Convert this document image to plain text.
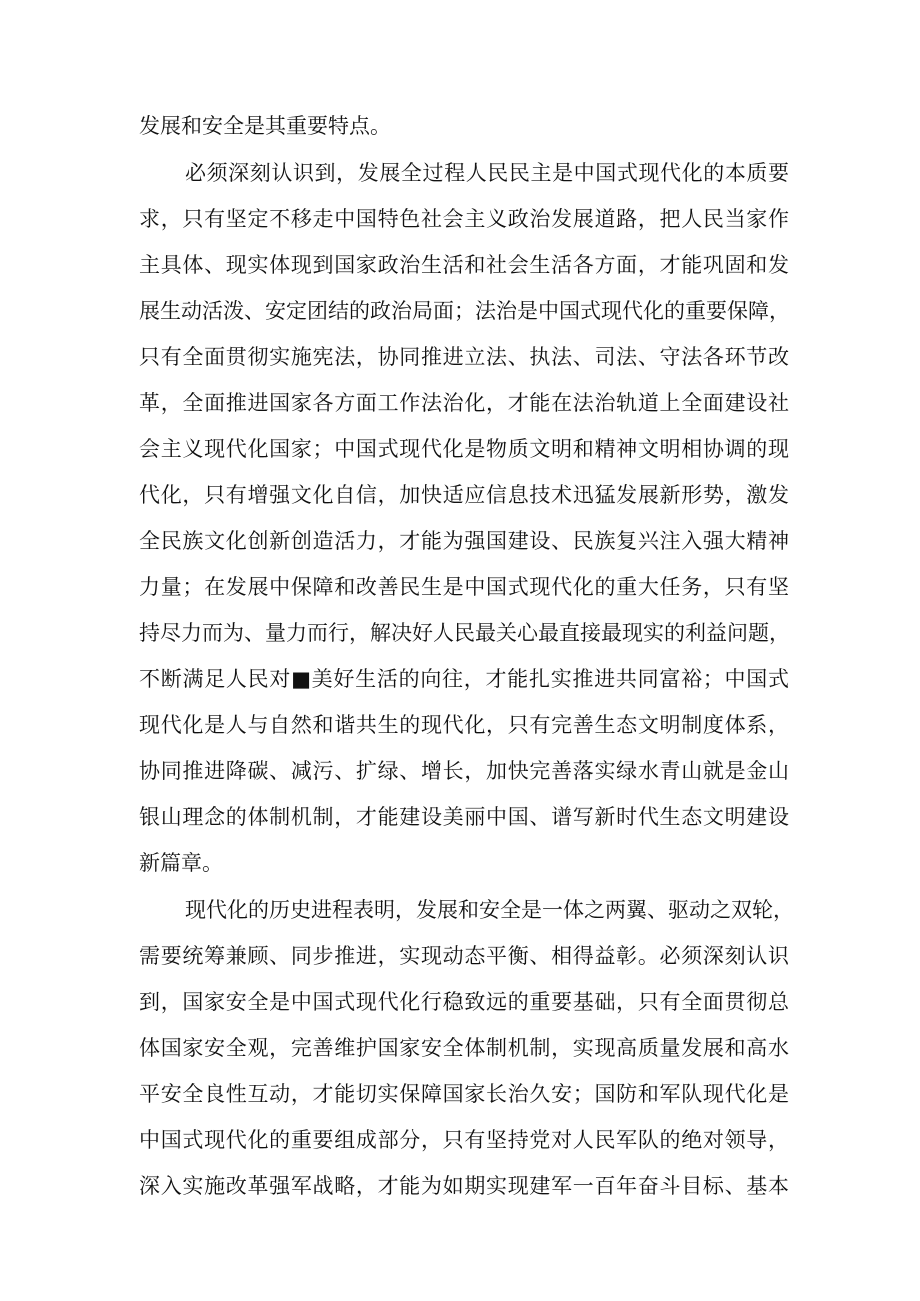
发展和安全是其重要特点。
必须深刻认识到，发展全过程人民民主是中国式现代化的本质要
求，只有坚定不移走中国特色社会主义政治发展道路，把人民当家作
主具体、现实体现到国家政治生活和社会生活各方面，才能巩固和发
展生动活泼、安定团结的政治局面；法治是中国式现代化的重要保障，
只有全面贯彻实施宪法，协同推进立法、执法、司法、守法各环节改
革，全面推进国家各方面工作法治化，才能在法治轨道上全面建设社
会主义现代化国家；中国式现代化是物质文明和精神文明相协调的现
代化，只有增强文化自信，加快适应信息技术迅猛发展新形势，激发
全民族文化创新创造活力，才能为强国建设、民族复兴注入强大精神
力量；在发展中保障和改善民生是中国式现代化的重大任务，只有坚
持尽力而为、量力而行，解决好人民最关心最直接最现实的利益问题，
不断满足人民对■美好生活的向往，才能扎实推进共同富裕；中国式
现代化是人与自然和谐共生的现代化，只有完善生态文明制度体系，
协同推进降碳、减污、扩绿、增长，加快完善落实绿水青山就是金山
银山理念的体制机制，才能建设美丽中国、谱写新时代生态文明建设
新篇章。
现代化的历史进程表明，发展和安全是一体之两翼、驱动之双轮，
需要统筹兼顾、同步推进，实现动态平衡、相得益彰。必须深刻认识
到，国家安全是中国式现代化行稳致远的重要基础，只有全面贯彻总
体国家安全观，完善维护国家安全体制机制，实现高质量发展和高水
平安全良性互动，才能切实保障国家长治久安；国防和军队现代化是
中国式现代化的重要组成部分，只有坚持党对人民军队的绝对领导，
深入实施改革强军战略，才能为如期实现建军一百年奋斗目标、基本
